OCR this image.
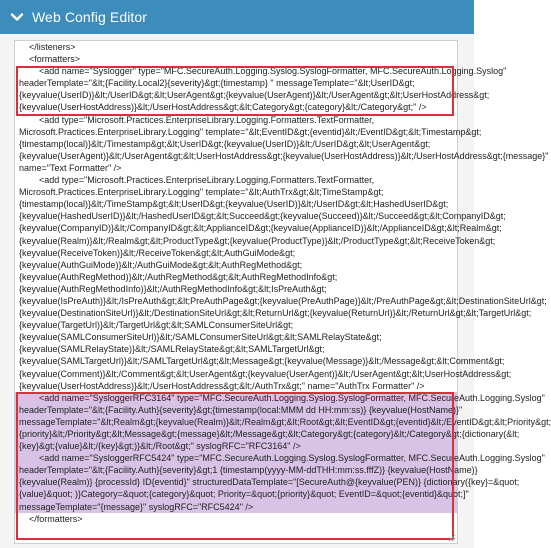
Web Config Editor
</listeners>
<formatters>
<add name="Syslogger" type="MFC.SecureAuth.Logging.Syslog.SyslogFormatter, MFC.SecureAuth.Logging.Syslog"
headerTemplate="&lt;{Facility.Local2}{severity}&gt;{timestamp} " messageTemplate="&lt;UserID&gt;
{keyvalue(UserID)}&lt;/UserID&gt;&lt;UserAgent&gt;{keyvalue(UserAgent)}&lt;/UserAgent&gt;&lt;UserHostAddress&gt;
{keyvalue(UserHostAddress)}&lt;/UserHostAddress&gt;&lt;Category&gt;{category}&lt;/Category&gt;" />
<add type="Microsoft.Practices.EnterpriseLibrary.Logging.Formatters.TextFormatter,
Microsoft.Practices.EnterpriseLibrary.Logging" template="&lt;EventID&gt;{eventid}&lt;/EventID&gt;&lt;Timestamp&gt;
{timestamp(local)}&lt;/Timestamp&gt;&lt;UserID&gt;{keyvalue(UserID)}&lt;/UserID&gt;&lt;UserAgent&gt;
{keyvalue(UserAgent)}&lt;/UserAgent&gt;&lt;UserHostAddress&gt;{keyvalue(UserHostAddress)}&lt;/UserHostAddress&gt;{message}"
name="Text Formatter" />
<add type="Microsoft.Practices.EnterpriseLibrary.Logging.Formatters.TextFormatter,
Microsoft.Practices.EnterpriseLibrary.Logging" template="&lt;AuthTrx&gt;&lt;TimeStamp&gt;
{timestamp(local)}&lt;/TimeStamp&gt;&lt;UserID&gt;{keyvalue(UserID)}&lt;/UserID&gt;&lt;HashedUserID&gt;
{keyvalue(HashedUserID)}&lt;/HashedUserID&gt;&lt;Succeed&gt;{keyvalue(Succeed)}&lt;/Succeed&gt;&lt;CompanyID&gt;
{keyvalue(CompanyID)}&lt;/CompanyID&gt;&lt;ApplianceID&gt;{keyvalue(ApplianceID)}&lt;/ApplianceID&gt;&lt;Realm&gt;
{keyvalue(Realm)}&lt;/Realm&gt;&lt;ProductType&gt;{keyvalue(ProductType)}&lt;/ProductType&gt;&lt;ReceiveToken&gt;
{keyvalue(ReceiveToken)}&lt;/ReceiveToken&gt;&lt;AuthGuiMode&gt;
{keyvalue(AuthGuiMode)}&lt;/AuthGuiMode&gt;&lt;AuthRegMethod&gt;
{keyvalue(AuthRegMethod)}&lt;/AuthRegMethod&gt;&lt;AuthRegMethodInfo&gt;
{keyvalue(AuthRegMethodInfo)}&lt;/AuthRegMethodInfo&gt;&lt;IsPreAuth&gt;
{keyvalue(IsPreAuth)}&lt;/IsPreAuth&gt;&lt;PreAuthPage&gt;{keyvalue(PreAuthPage)}&lt;/PreAuthPage&gt;&lt;DestinationSiteUrl&gt;
{keyvalue(DestinationSiteUrl)}&lt;/DestinationSiteUrl&gt;&lt;ReturnUrl&gt;{keyvalue(ReturnUrl)}&lt;/ReturnUrl&gt;&lt;TargetUrl&gt;
{keyvalue(TargetUrl)}&lt;/TargetUrl&gt;&lt;SAMLConsumerSiteUrl&gt;
{keyvalue(SAMLConsumerSiteUrl)}&lt;/SAMLConsumerSiteUrl&gt;&lt;SAMLRelayState&gt;
{keyvalue(SAMLRelayState)}&lt;/SAMLRelayState&gt;&lt;SAMLTargetUrl&gt;
{keyvalue(SAMLTargetUrl)}&lt;/SAMLTargetUrl&gt;&lt;Message&gt;{keyvalue(Message)}&lt;/Message&gt;&lt;Comment&gt;
{keyvalue(Comment)}&lt;/Comment&gt;&lt;UserAgent&gt;{keyvalue(UserAgent)}&lt;/UserAgent&gt;&lt;UserHostAddress&gt;
{keyvalue(UserHostAddress)}&lt;/UserHostAddress&gt;&lt;/AuthTrx&gt;" name="AuthTrx Formatter" />
<add name="SysloggerRFC3164" type="MFC.SecureAuth.Logging.Syslog.SyslogFormatter, MFC.SecureAuth.Logging.Syslog"
headerTemplate="&lt;{Facility.Auth}{severity}&gt;{timestamp(local:MMM dd HH:mm:ss)} {keyvalue(HostName)}"
messageTemplate="&lt;Realm&gt;{keyvalue(Realm)}&lt;/Realm&gt;&lt;Root&gt;&lt;EventID&gt;{eventid}&lt;/EventID&gt;&lt;Priority&gt;
{priority}&lt;/Priority&gt;&lt;Message&gt;{message}&lt;/Message&gt;&lt;Category&gt;{category}&lt;/Category&gt;{dictionary(&lt;
{key}&gt;{value}&lt;/{key}&gt;)}&lt;/Root&gt;" syslogRFC="RFC3164" />
<add name="SysloggerRFC5424" type="MFC.SecureAuth.Logging.Syslog.SyslogFormatter, MFC.SecureAuth.Logging.Syslog"
headerTemplate="&lt;{Facility.Auth}{severity}&gt;1 {timestamp(yyyy-MM-ddTHH:mm:ss.fffZ)} {keyvalue(HostName)}
{keyvalue(Realm)} {processId} ID{eventid}" structuredDataTemplate="[SecureAuth@{keyvalue(PEN)} {dictionary({key}=&quot;
{value}&quot; )}Category=&quot;{category}&quot; Priority=&quot;{priority}&quot; EventID=&quot;{eventid}&quot;]"
messageTemplate="{message}" syslogRFC="RFC5424" />
</formatters>
